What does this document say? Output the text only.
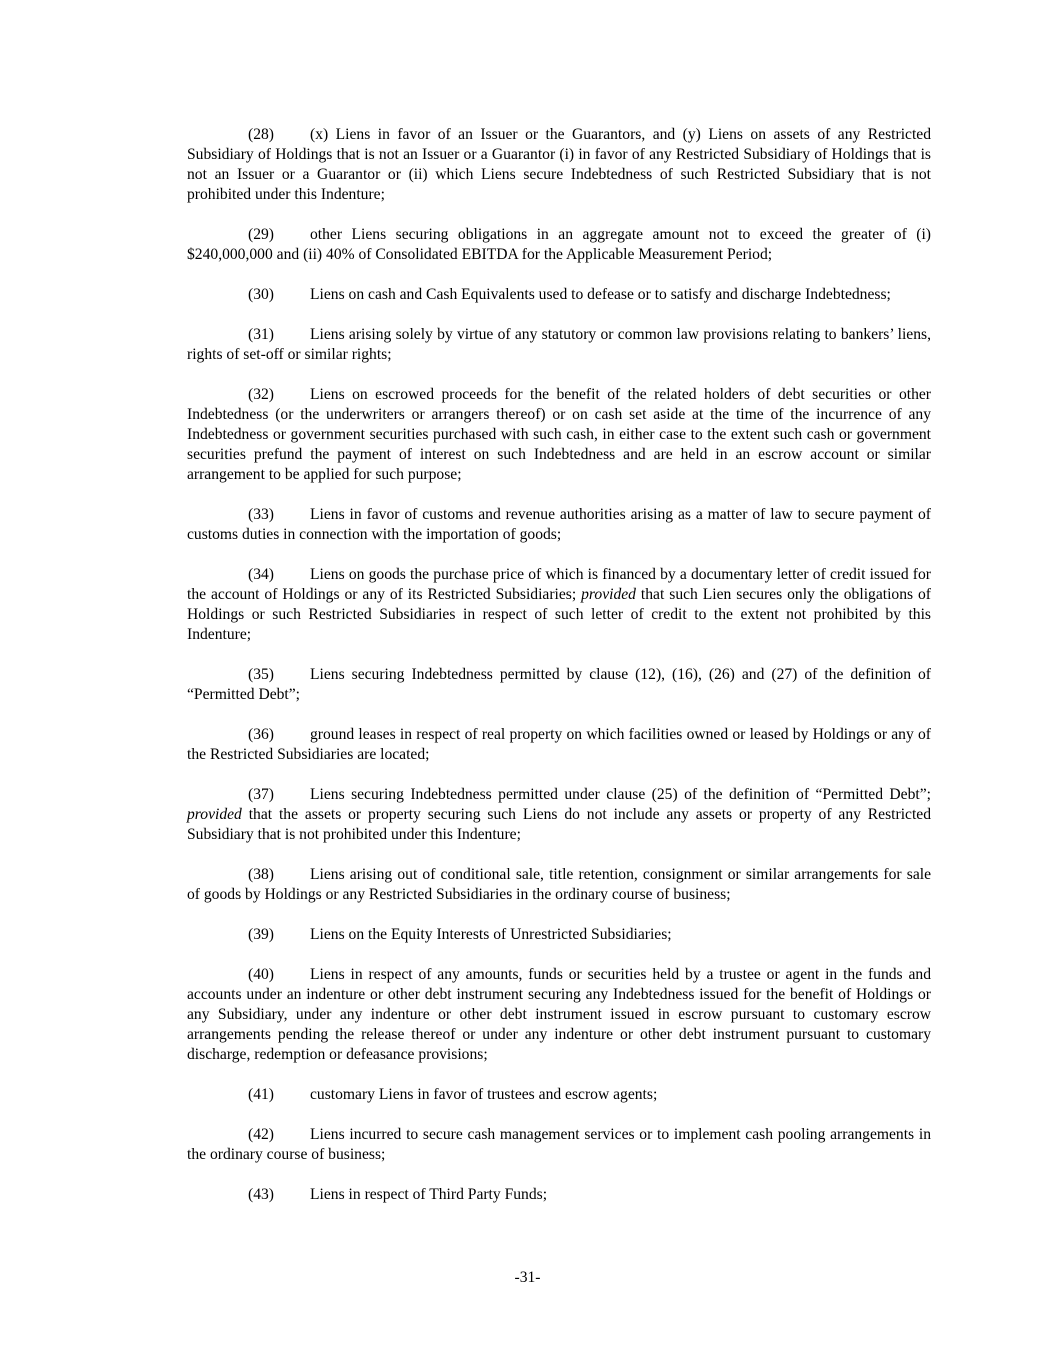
(28) (x) Liens in favor of an Issuer or the Guarantors, and (y) Liens on assets of any Restricted Subsidiary of Holdings that is not an Issuer or a Guarantor (i) in favor of any Restricted Subsidiary of Holdings that is not an Issuer or a Guarantor or (ii) which Liens secure Indebtedness of such Restricted Subsidiary that is not prohibited under this Indenture;

(29) other Liens securing obligations in an aggregate amount not to exceed the greater of (i) $240,000,000 and (ii) 40% of Consolidated EBITDA for the Applicable Measurement Period;

(30) Liens on cash and Cash Equivalents used to defease or to satisfy and discharge Indebtedness;

(31) Liens arising solely by virtue of any statutory or common law provisions relating to bankers’ liens, rights of set-off or similar rights;

(32) Liens on escrowed proceeds for the benefit of the related holders of debt securities or other Indebtedness (or the underwriters or arrangers thereof) or on cash set aside at the time of the incurrence of any Indebtedness or government securities purchased with such cash, in either case to the extent such cash or government securities prefund the payment of interest on such Indebtedness and are held in an escrow account or similar arrangement to be applied for such purpose;

(33) Liens in favor of customs and revenue authorities arising as a matter of law to secure payment of customs duties in connection with the importation of goods;

(34) Liens on goods the purchase price of which is financed by a documentary letter of credit issued for the account of Holdings or any of its Restricted Subsidiaries; provided that such Lien secures only the obligations of Holdings or such Restricted Subsidiaries in respect of such letter of credit to the extent not prohibited by this Indenture;

(35) Liens securing Indebtedness permitted by clause (12), (16), (26) and (27) of the definition of “Permitted Debt”;

(36) ground leases in respect of real property on which facilities owned or leased by Holdings or any of the Restricted Subsidiaries are located;

(37) Liens securing Indebtedness permitted under clause (25) of the definition of “Permitted Debt”; provided that the assets or property securing such Liens do not include any assets or property of any Restricted Subsidiary that is not prohibited under this Indenture;

(38) Liens arising out of conditional sale, title retention, consignment or similar arrangements for sale of goods by Holdings or any Restricted Subsidiaries in the ordinary course of business;

(39) Liens on the Equity Interests of Unrestricted Subsidiaries;

(40) Liens in respect of any amounts, funds or securities held by a trustee or agent in the funds and accounts under an indenture or other debt instrument securing any Indebtedness issued for the benefit of Holdings or any Subsidiary, under any indenture or other debt instrument issued in escrow pursuant to customary escrow arrangements pending the release thereof or under any indenture or other debt instrument pursuant to customary discharge, redemption or defeasance provisions;

(41) customary Liens in favor of trustees and escrow agents;

(42) Liens incurred to secure cash management services or to implement cash pooling arrangements in the ordinary course of business;

(43) Liens in respect of Third Party Funds;

-31-
